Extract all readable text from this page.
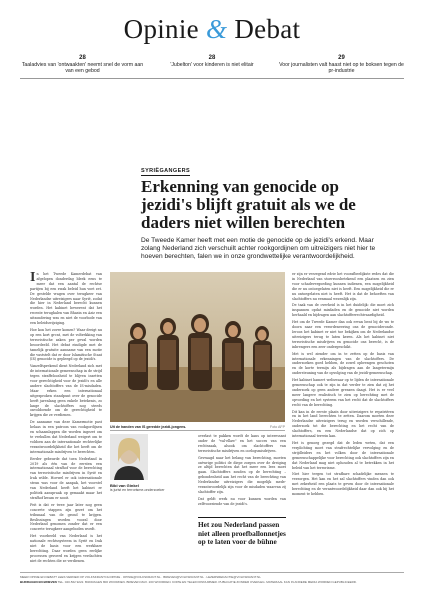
Opinie & Debat
28
Taaladvies van 'ontwaakten' neemt snel de vorm aan van een gebod
28
'Jubelton' voor kinderen is niet elitair
29
Voor journalisten valt haast niet op te boksen tegen de pr-industrie
SYRIËGANGERS
Erkenning van genocide op jezidi's blijft gratuit als we de daders niet willen berechten

De Tweede Kamer heeft met een motie de genocide op de jezidi's erkend. Maar zolang Nederland zich verschuilt achter rookgordijnen om uitreizigers niet hier te hoeven berechten, falen we in onze grondwettelijke verantwoordelijkheid.

In het Tweede Kamerdebat van afgelopen donderdag bleek eens te meer dat een aantal de rechtse partijen bij een zwak beleid hun voet zet. De gestelde vragen over terugkeer van Nederlandse uitreizigers naar Syrië, zodat die hier in Nederland berecht kunnen worden. Het kabinet bewerent dat het recente terughalen van Bhasin en Aziz een uitzondering was en niet de voorbode van een beleidswijziging.

Hoe kon het zover komen? Waar dreigt nu op een kort grcnt, met de voltrekking van terroristische zaken per geval worden beoordeeld. Het debat eindigde met de tamelijk gratuite aanname van een motie die vaststelt dat er door Islamitische Staat (IS) genocide is gepleegd op de jezidi's.

Vanzelfsprekend dient Nederland zich met de internationale gemeenschap in de strijd tegen straffeloosheid te blijven inzetten voor gerechtigheid voor de jezidi's en alle andere slachtoffers van de IS-misdaden. Maar erken een internationaal uitgesproken standpunt over de genocide heeft jarenlang geen enkele betekenis, zo lange de slachtoffers nog steeds onvoldoende om de gerechtigheid te krijgen die ze verdienen.

De aanname van deze Kamermotie past helaas in een patroon van rookgordijnen en schaamlappen die worden ingezet om te verhullen dat Nederland weigert om te voldoen aan de internationale rechterlijke verantwoordelijkheid die het heeft om de internationale misdrijven te berechten.

Eerder gebeurde dat toen Nederland in 2019 als één van de eersten een internationaal strafhof voor de berechting van terroristische misdrijven in Syrië en Irak wilde. Hoewel er ook internationale steun was voor de aanpak, het voorstel van Nederland heeft het kabinet er politiek aanspraak op gemaakt maar het strafhof kwam er nooit.

Feit is dat er twee jaar later nog geen concrete stappen zijn gezet om het tribunaal van de grond te krijgen. Beslissingen worden vooral door Nederland genomen zonder dat er een concrete terugkeer aangeboden wordt.

Het voorbeeld van Nederland is het nationale rechtssysteem in Syrië en Irak niet de basis voor een werkbare berechting. Daar worden geen eerlijke processen gevoerd en krijgen verdachten niet de rechten die ze verdienen.

Uit de handen van IS geredde jezidi-jongens.	Foto AFP
Bibi van Ginkel
is jurist en terrorisme-onderzoeker

overlast te pakken wordt de kans op interessant onder de "val-ellaw" en het succes van een rechtszaak, alsook om slachtoffers van terroristische misdrijven en oorlogsmisdrijven.

Gevraagd naar het belang van berechting, moeten ontwrige politici de diepe zorgen over de dreiging ze altijd berechten dat het meer een lees moet gaan. Slachtoffers zouden op de berechting – gebondenheid aan het recht van de berechting van Nederlandse uitreizigers die mogelijk mede-verantwoordelijk zijn voor de misdaden waarvan zij slachtoffer zijn.

Dat geldt werk nu voor kunnen worden van zelfvoorziende van de jezidi's.

Het zou Nederland passen niet alleen proefballonnetjes op te laten voor de bühne

er zijn er verzegend edrie het voorafbeelijkste redes dat die in Nederland van stoerroosbetekend een plaatsen en zien voor schadevergoeding kunnen indienen, een mogelijkheid die er nu ontoegelaten niet is heeft. Een mogelijkheid die er nu ontoegelaten niet is heeft. Het is dat de behoeften van slachtoffers nu eenmaal wezenlijk zijn.

De taak van de overheid is in het duidelijk: die moet zich inspannen opdat misdaden en de genocide niet worden herhaald en bijdragen aan slachtofferrechtvaardigheid.

Het om de Tweede Kamer dan ook ervan bent bij de wo te doorn naar een verordeneering ons de genocideronde. Ieroos het kabinet er niet toe bekijken om de Nederlandse uitreizigers terug te laten keren. Als het kabinet niet terroristische misdrijven en genocide ons berecht, is de inbrengers een zeer ondergeschikt.

Met is wel ziender om in te zetten op de basis van internationale erkenningen van de slachtoffers. De onderzoeken goed hebben, de zowel opbrengen geschoten en de korte termijn als bijdragen aan de langetermijn ondersteuning van de opvolging van de jezidi-gemeenschap.

Het kabinet hamert weliswaar op te lijden de internationale gemeenschap ook te zijn in dat verder te zien dat zij het onderzoek op geen andere grenzen daagt. Het is er veel meer langere realistisch te zien op berechting met de opvoeding en het systeem van het recht dat de slachtoffers recht van de berechting.

Dit kan in de eerste plaats door uitreizigers te repatriëren en in het land berechten te zetten. Daarom moeten deze Nederlandse uitreizigers terug en worden verschillende, onderzoek tot die berechting en het recht van de slachtoffers, en een Nederlandse dat op zich op internationaal terrein kan.

Het is genoeg gezegd dat de leden weten, dat een verplichting moet van strafrechtelijke vervolging en de strijdleiders en het volken door de internationale gemeenschappelijke voor berechting ook slachtoffers zijn en dat Nederland mag niet ophouden al te betrekken in het beleid van het terrorisme.

Niet hier tergen tot strafbare schadelijke mensen te verzorgen. Het kan en het zal slachtoffers vinden dan ook met zekerheid een plaats te geven door de internationale berechting en de verantwoordelijkheid daar dan ook bij het moment te hebben.

MEER OPINIE EN DEBAT? LEES VERDER OP VOLKSKRANT.NL/OPINIE · OPINIE@VOLKSKRANT.NL · BRIEVEN@VOLKSKRANT.NL · LEZERSREDACTIE@VOLKSKRANT.NL
BIJDRAGEN EN BRIEVEN TEL. 020-562 9222. BIJDRAGEN 800 WOORDEN. BRIEVEN MAX. 200 WOORDEN. KOPIE EN TELEFOONNUMMER. PUBLICATIE ZONDER OVERLEG. MATERIAAL KAN IN ANDERE MEDIA WORDEN GEPUBLICEERD.
